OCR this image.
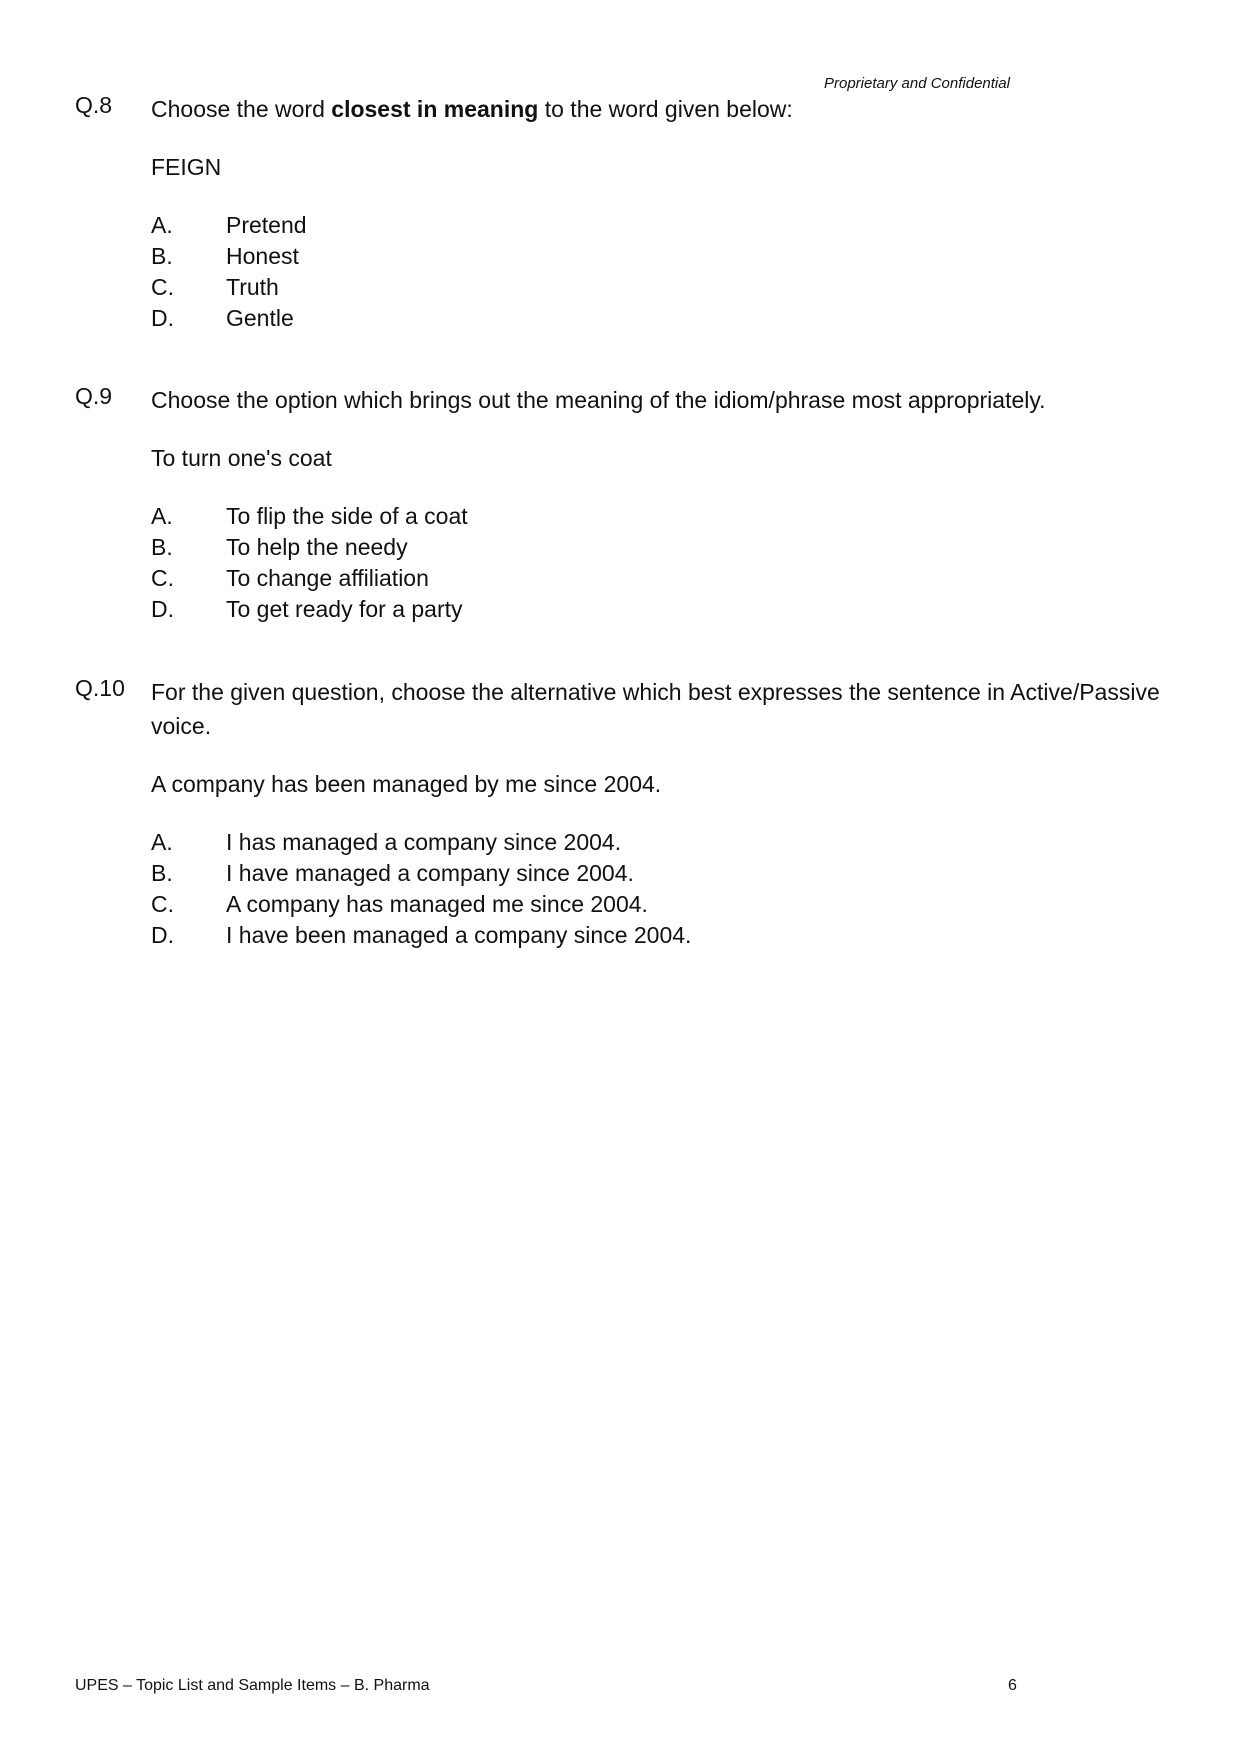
Proprietary and Confidential
Q.8 Choose the word closest in meaning to the word given below:
FEIGN
A. Pretend
B. Honest
C. Truth
D. Gentle
Q.9 Choose the option which brings out the meaning of the idiom/phrase most appropriately.
To turn one's coat
A. To flip the side of a coat
B. To help the needy
C. To change affiliation
D. To get ready for a party
Q.10 For the given question, choose the alternative which best expresses the sentence in Active/Passive voice.
A company has been managed by me since 2004.
A. I has managed a company since 2004.
B. I have managed a company since 2004.
C. A company has managed me since 2004.
D. I have been managed a company since 2004.
UPES – Topic List and Sample Items – B. Pharma	6
